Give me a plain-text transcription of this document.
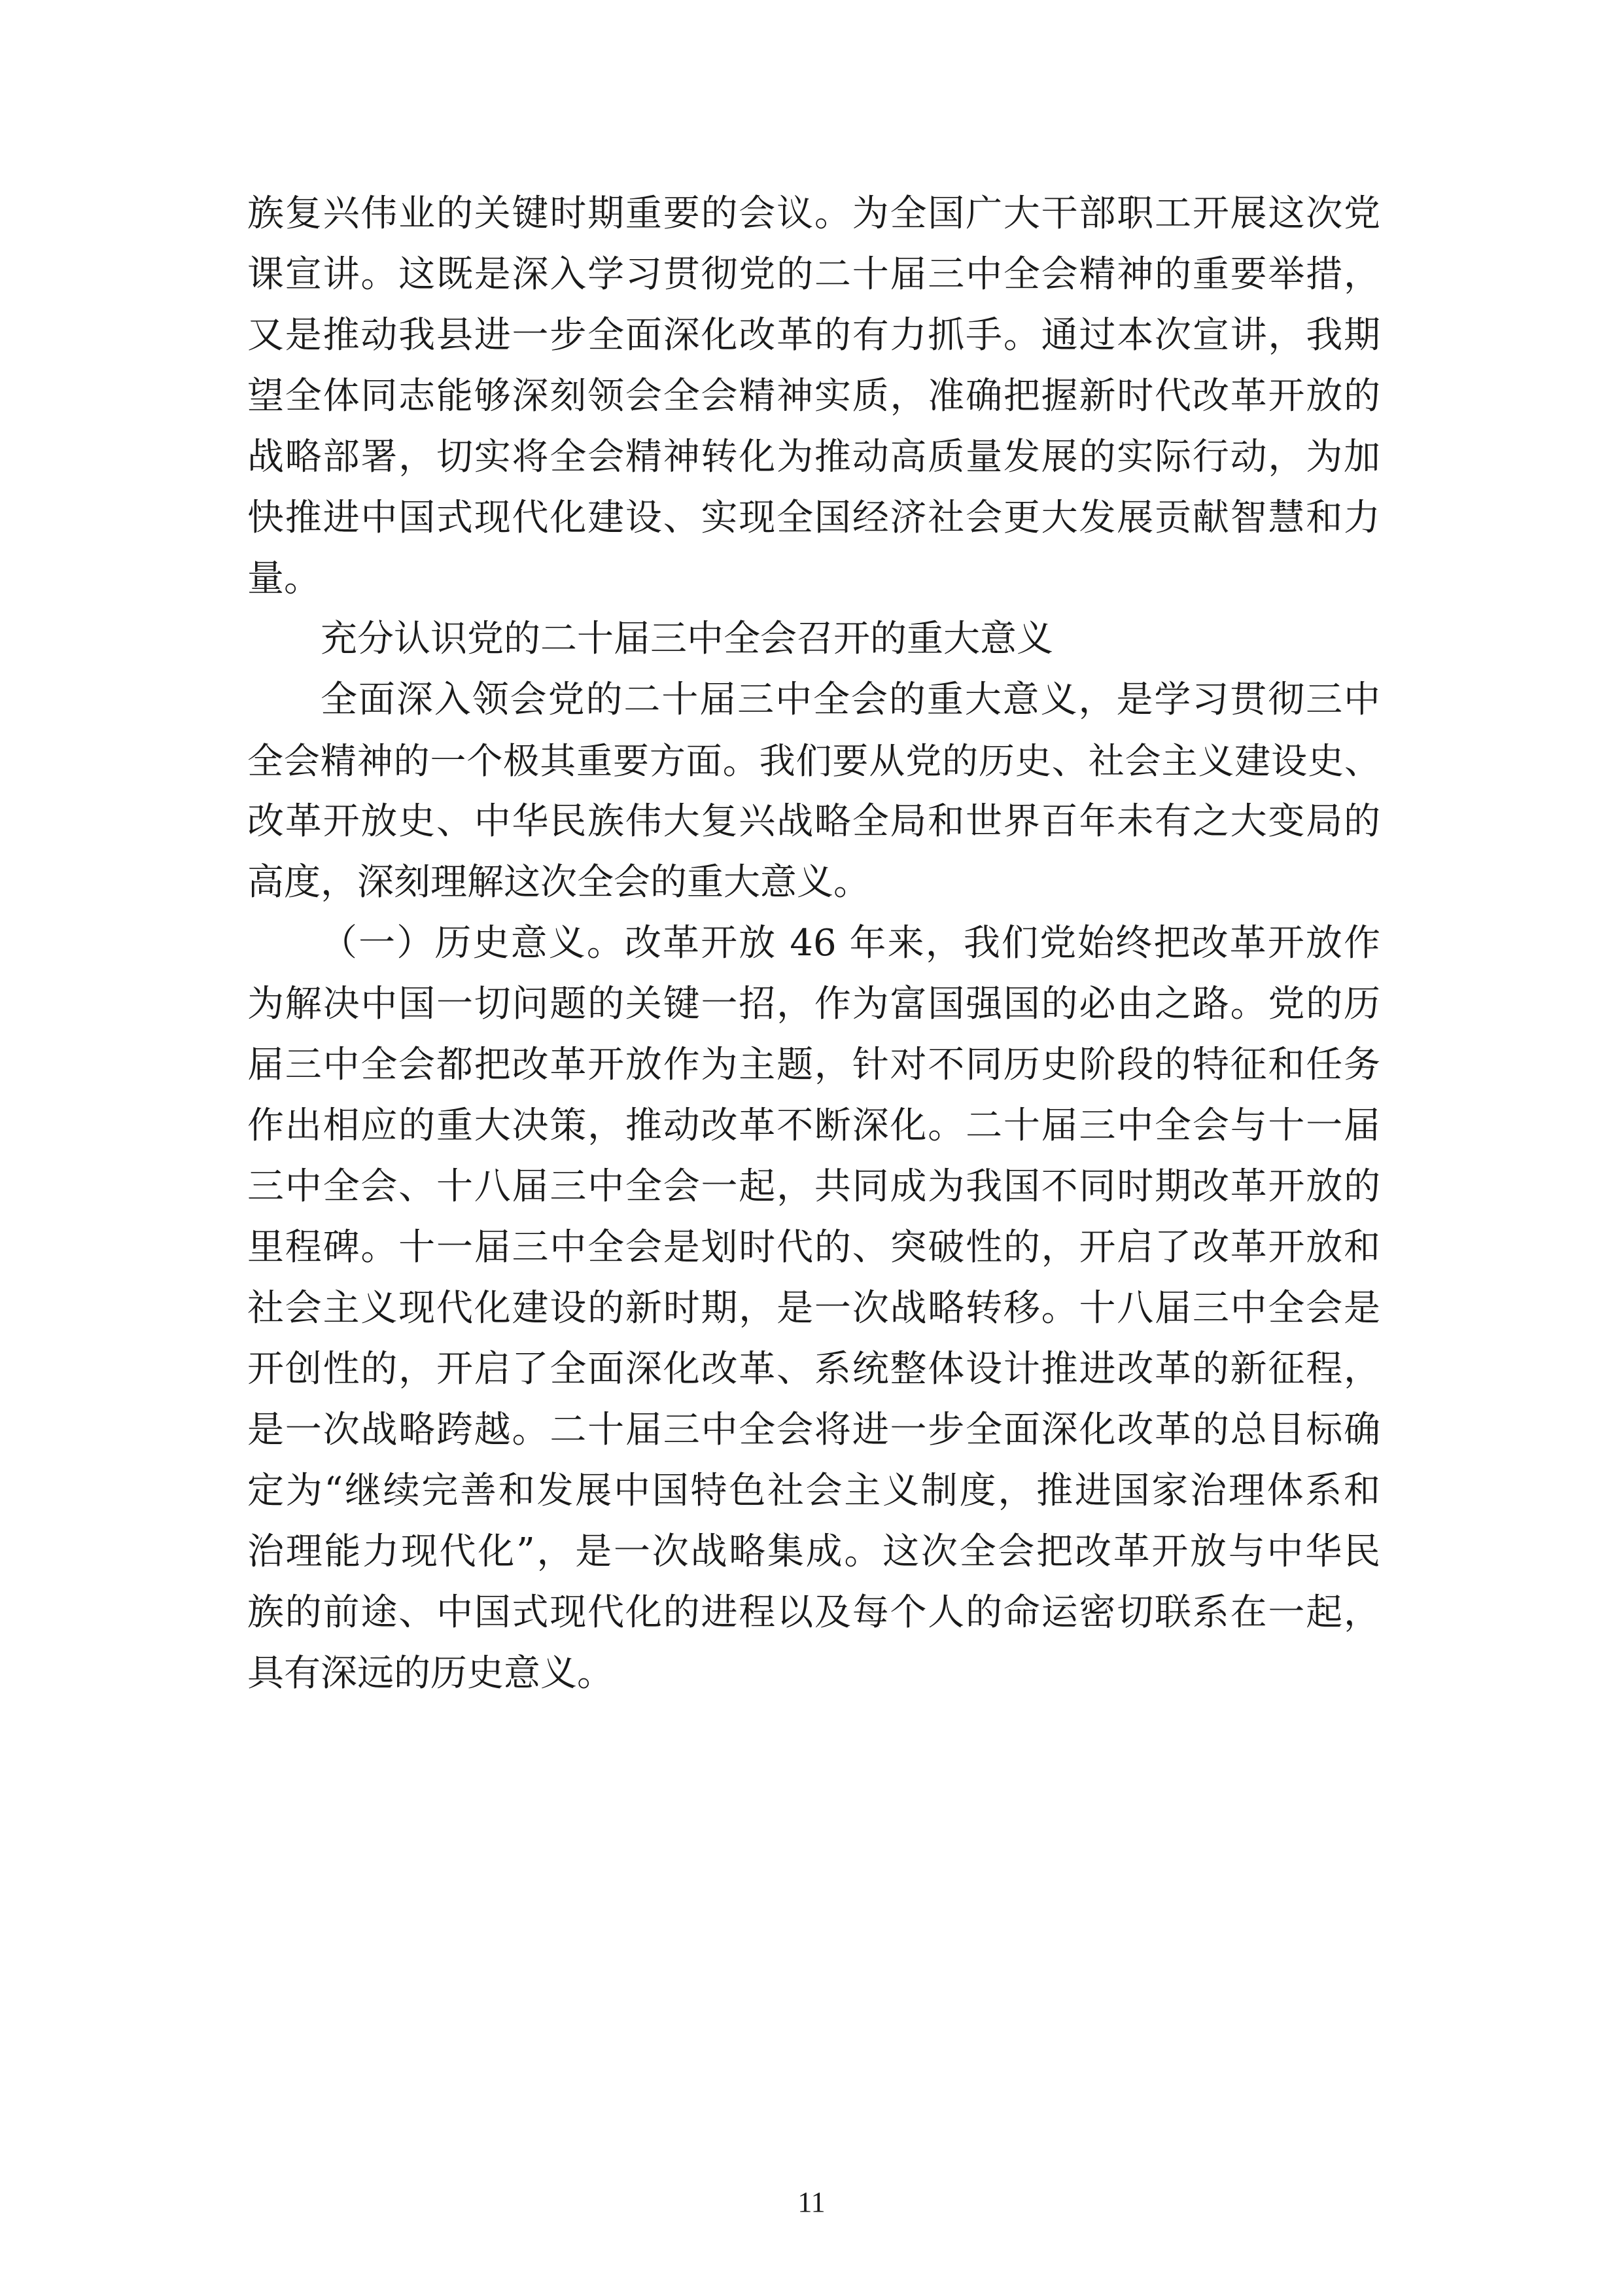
族复兴伟业的关键时期重要的会议。为全国广大干部职工开展这次党
课宣讲。这既是深入学习贯彻党的二十届三中全会精神的重要举措，
又是推动我县进一步全面深化改革的有力抓手。通过本次宣讲，我期
望全体同志能够深刻领会全会精神实质，准确把握新时代改革开放的
战略部署，切实将全会精神转化为推动高质量发展的实际行动，为加
快推进中国式现代化建设、实现全国经济社会更大发展贡献智慧和力
量。
充分认识党的二十届三中全会召开的重大意义
全面深入领会党的二十届三中全会的重大意义，是学习贯彻三中
全会精神的一个极其重要方面。我们要从党的历史、社会主义建设史、
改革开放史、中华民族伟大复兴战略全局和世界百年未有之大变局的
高度，深刻理解这次全会的重大意义。
（一）历史意义。改革开放 46 年来，我们党始终把改革开放作
为解决中国一切问题的关键一招，作为富国强国的必由之路。党的历
届三中全会都把改革开放作为主题，针对不同历史阶段的特征和任务
作出相应的重大决策，推动改革不断深化。二十届三中全会与十一届
三中全会、十八届三中全会一起，共同成为我国不同时期改革开放的
里程碑。十一届三中全会是划时代的、突破性的，开启了改革开放和
社会主义现代化建设的新时期，是一次战略转移。十八届三中全会是
开创性的，开启了全面深化改革、系统整体设计推进改革的新征程，
是一次战略跨越。二十届三中全会将进一步全面深化改革的总目标确
定为“继续完善和发展中国特色社会主义制度，推进国家治理体系和
治理能力现代化”，是一次战略集成。这次全会把改革开放与中华民
族的前途、中国式现代化的进程以及每个人的命运密切联系在一起，
具有深远的历史意义。
11
